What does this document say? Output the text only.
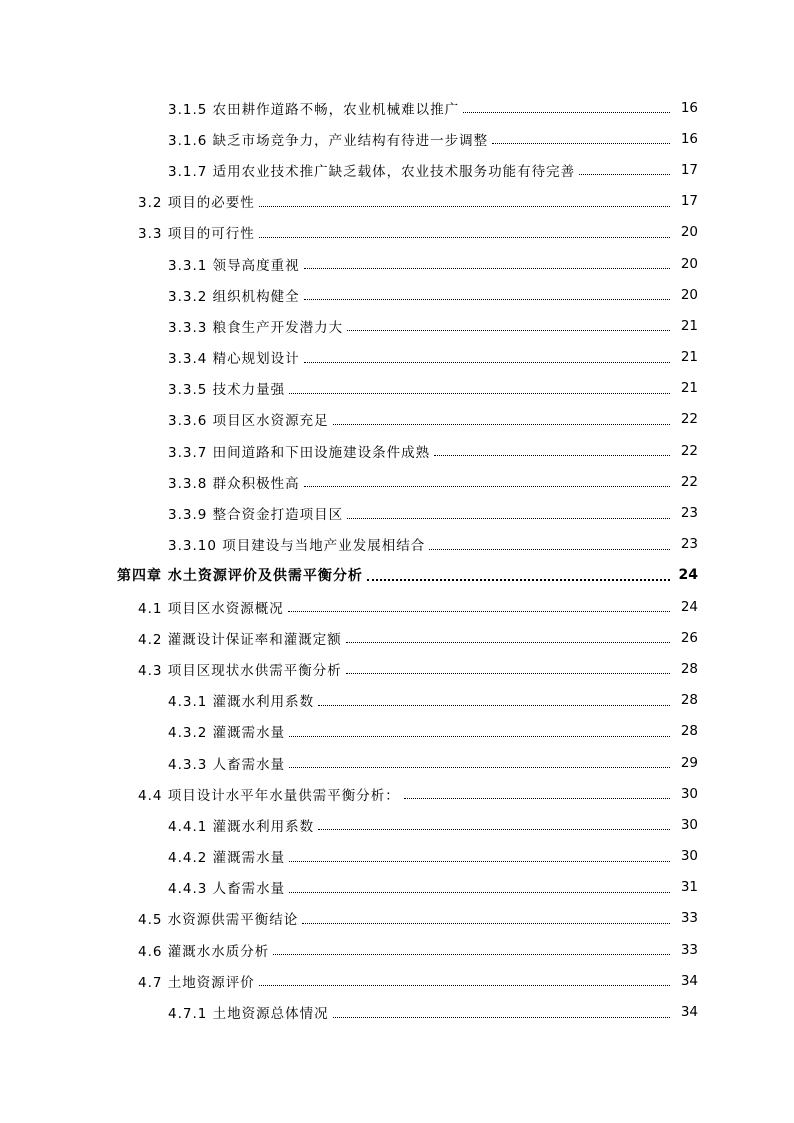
3.1.5 农田耕作道路不畅，农业机械难以推广	16
3.1.6 缺乏市场竞争力，产业结构有待进一步调整	16
3.1.7 适用农业技术推广缺乏载体，农业技术服务功能有待完善	17
3.2 项目的必要性	17
3.3 项目的可行性	20
3.3.1 领导高度重视	20
3.3.2 组织机构健全	20
3.3.3 粮食生产开发潜力大	21
3.3.4 精心规划设计	21
3.3.5 技术力量强	21
3.3.6 项目区水资源充足	22
3.3.7 田间道路和下田设施建设条件成熟	22
3.3.8 群众积极性高	22
3.3.9 整合资金打造项目区	23
3.3.10 项目建设与当地产业发展相结合	23
第四章 水土资源评价及供需平衡分析	24
4.1 项目区水资源概况	24
4.2 灌溉设计保证率和灌溉定额	26
4.3 项目区现状水供需平衡分析	28
4.3.1 灌溉水利用系数	28
4.3.2 灌溉需水量	28
4.3.3 人畜需水量	29
4.4 项目设计水平年水量供需平衡分析：	30
4.4.1 灌溉水利用系数	30
4.4.2 灌溉需水量	30
4.4.3 人畜需水量	31
4.5 水资源供需平衡结论	33
4.6 灌溉水水质分析	33
4.7 土地资源评价	34
4.7.1 土地资源总体情况	34
